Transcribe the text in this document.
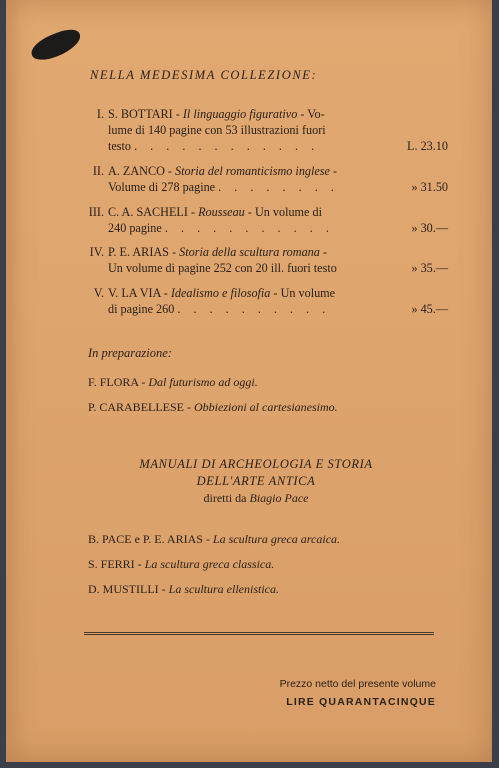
NELLA MEDESIMA COLLEZIONE:
I. S. BOTTARI - Il linguaggio figurativo - Vo-
lume di 140 pagine con 53 illustrazioni fuori
testo . . . . . . . . . . . .	L. 23.10
II. A. ZANCO - Storia del romanticismo inglese -
Volume di 278 pagine . . . . . . . .	» 31.50
III. C. A. SACHELI - Rousseau - Un volume di
240 pagine . . . . . . . . . . .	» 30.—
IV. P. E. ARIAS - Storia della scultura romana -
Un volume di pagine 252 con 20 ill. fuori testo	» 35.—
V. V. LA VIA - Idealismo e filosofia - Un volume
di pagine 260 . . . . . . . . . .	» 45.—
In preparazione:
F. FLORA - Dal futurismo ad oggi.
P. CARABELLESE - Obbiezioni al cartesianesimo.
MANUALI DI ARCHEOLOGIA E STORIA
DELL'ARTE ANTICA
diretti da Biagio Pace
B. PACE e P. E. ARIAS - La scultura greca arcaica.
S. FERRI - La scultura greca classica.
D. MUSTILLI - La scultura ellenistica.
Prezzo netto del presente volume
LIRE QUARANTACINQUE
